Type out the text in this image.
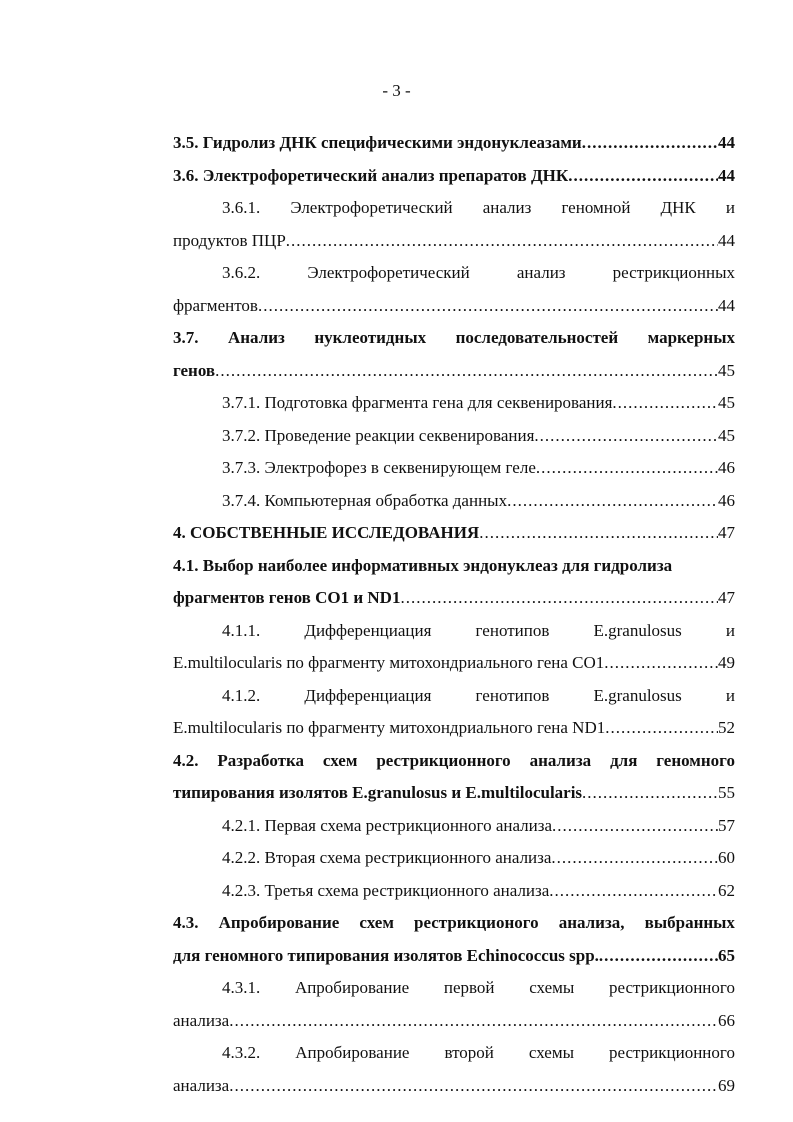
- 3 -
3.5. Гидролиз ДНК специфическими эндонуклеазами .....	44
3.6. Электрофоретический анализ препаратов ДНК .....	44
3.6.1. Электрофоретический анализ геномной ДНК и
продуктов ПЦР .....	44
3.6.2.	Электрофоретический	анализ	рестрикционных
фрагментов .....	44
3.7. Анализ нуклеотидных последовательностей маркерных
генов .....	45
3.7.1. Подготовка фрагмента гена для секвенирования .....	45
3.7.2. Проведение реакции секвенирования .....	45
3.7.3. Электрофорез в секвенирующем геле .....	46
3.7.4. Компьютерная обработка данных .....	46
4. СОБСТВЕННЫЕ ИССЛЕДОВАНИЯ .....	47
4.1. Выбор наиболее информативных эндонуклеаз для гидролиза
фрагментов генов CO1 и ND1 .....	47
4.1.1.	Дифференциация	генотипов	E.granulosus	и
E.multilocularis по фрагменту митохондриального гена CO1 .....	49
4.1.2.	Дифференциация	генотипов	E.granulosus	и
E.multilocularis по фрагменту митохондриального гена ND1 .....	52
4.2. Разработка схем рестрикционного анализа для геномного
типирования изолятов E.granulosus и E.multilocularis .....	55
4.2.1. Первая схема рестрикционного анализа .....	57
4.2.2. Вторая схема рестрикционного анализа .....	60
4.2.3. Третья схема рестрикционного анализа .....	62
4.3. Апробирование схем рестрикционого анализа, выбранных
для геномного типирования изолятов Echinococcus spp. .....	65
4.3.1. Апробирование первой схемы рестрикционного
анализа .....	66
4.3.2. Апробирование второй схемы рестрикционного
анализа .....	69
